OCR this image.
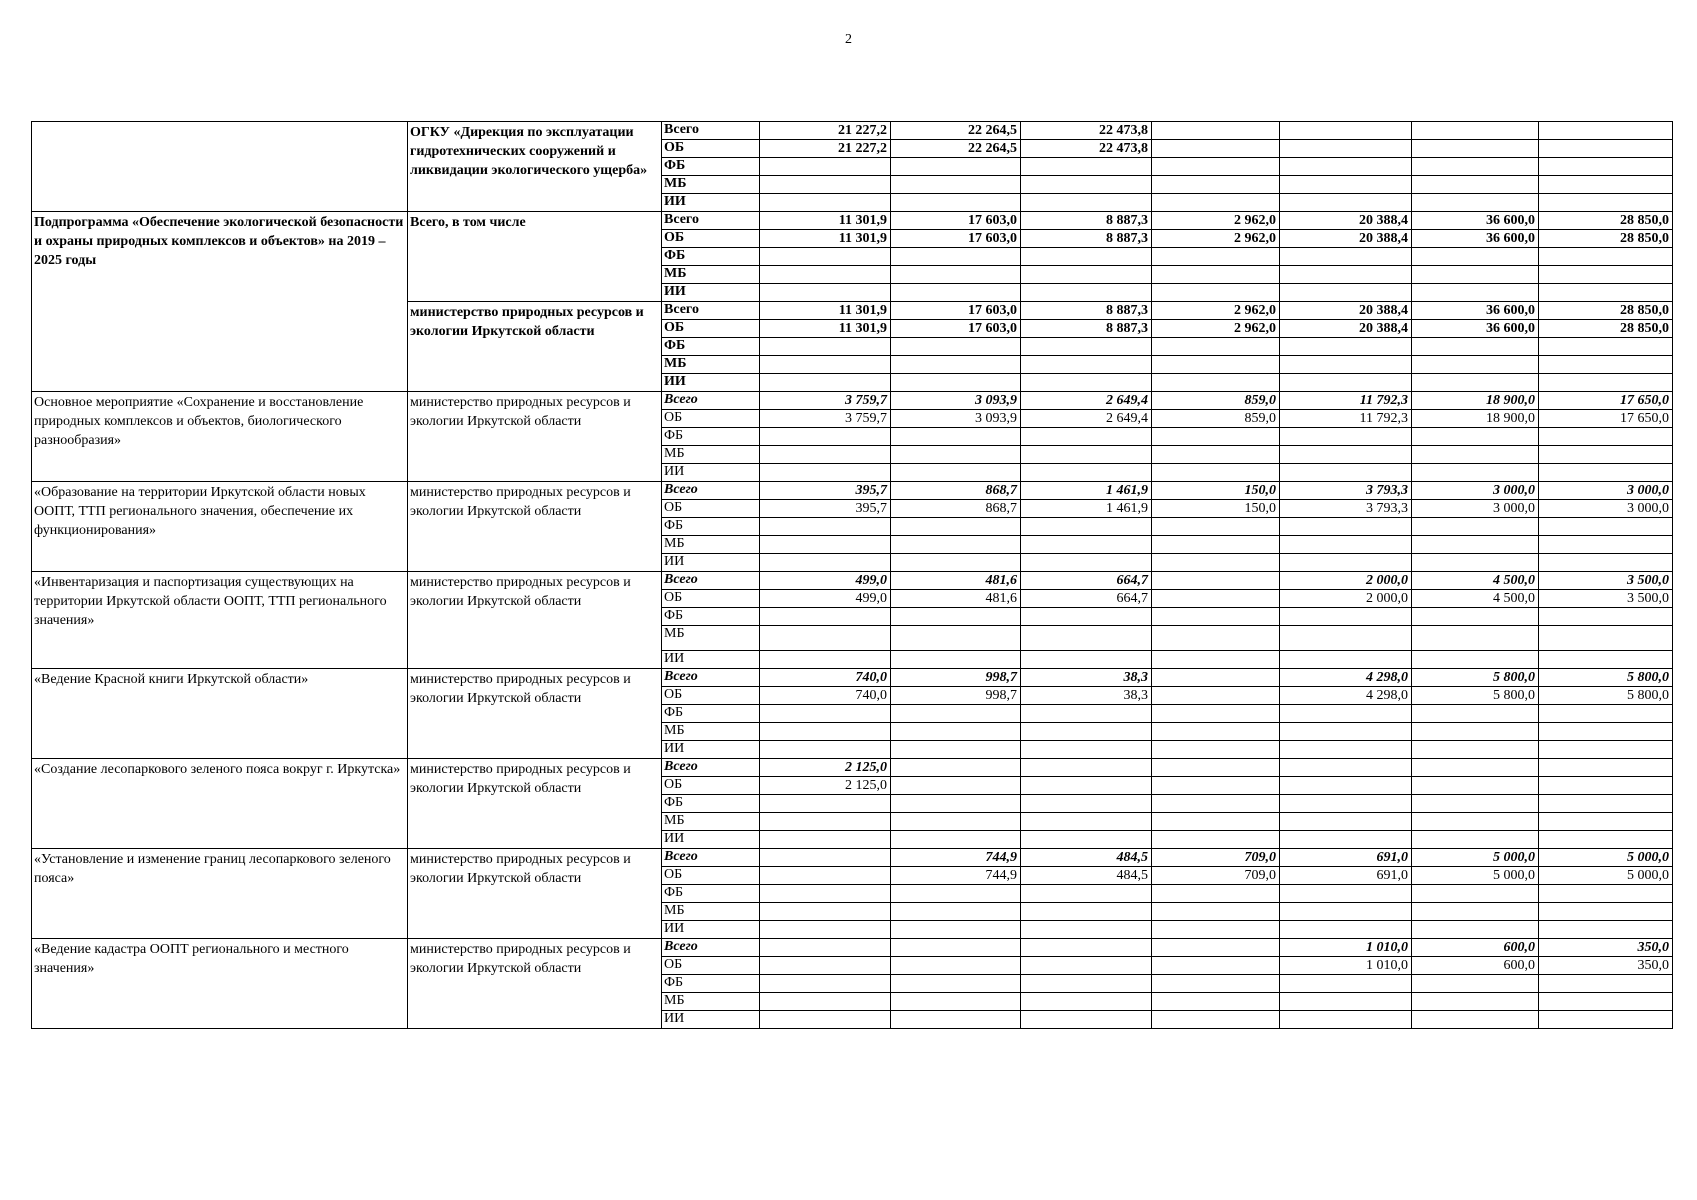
2
	ОГКУ «Дирекция по эксплуатации гидротехнических сооружений и ликвидации экологического ущерба»	Всего	21 227,2	22 264,5	22 473,8				
		ОБ	21 227,2	22 264,5	22 473,8				
		ФБ							
		МБ							
		ИИ							
Подпрограмма «Обеспечение экологической безопасности и охраны природных комплексов и объектов» на 2019 – 2025 годы	Всего, в том числе	Всего	11 301,9	17 603,0	8 887,3	2 962,0	20 388,4	36 600,0	28 850,0
		ОБ	11 301,9	17 603,0	8 887,3	2 962,0	20 388,4	36 600,0	28 850,0
		ФБ							
		МБ							
		ИИ							
	министерство природных ресурсов и экологии Иркутской области	Всего	11 301,9	17 603,0	8 887,3	2 962,0	20 388,4	36 600,0	28 850,0
		ОБ	11 301,9	17 603,0	8 887,3	2 962,0	20 388,4	36 600,0	28 850,0
		ФБ							
		МБ							
		ИИ							
Основное мероприятие «Сохранение и восстановление природных комплексов и объектов, биологического разнообразия»	министерство природных ресурсов и экологии Иркутской области	Всего	3 759,7	3 093,9	2 649,4	859,0	11 792,3	18 900,0	17 650,0
		ОБ	3 759,7	3 093,9	2 649,4	859,0	11 792,3	18 900,0	17 650,0
		ФБ							
		МБ							
		ИИ							
«Образование на территории Иркутской области новых ООПТ, ТТП регионального значения, обеспечение их функционирования»	министерство природных ресурсов и экологии Иркутской области	Всего	395,7	868,7	1 461,9	150,0	3 793,3	3 000,0	3 000,0
		ОБ	395,7	868,7	1 461,9	150,0	3 793,3	3 000,0	3 000,0
		ФБ							
		МБ							
		ИИ							
«Инвентаризация и паспортизация существующих на территории Иркутской области ООПТ, ТТП регионального значения»	министерство природных ресурсов и экологии Иркутской области	Всего	499,0	481,6	664,7		2 000,0	4 500,0	3 500,0
		ОБ	499,0	481,6	664,7		2 000,0	4 500,0	3 500,0
		ФБ							
		МБ							
		ИИ							
«Ведение Красной книги Иркутской области»	министерство природных ресурсов и экологии Иркутской области	Всего	740,0	998,7	38,3		4 298,0	5 800,0	5 800,0
		ОБ	740,0	998,7	38,3		4 298,0	5 800,0	5 800,0
		ФБ							
		МБ							
		ИИ							
«Создание лесопаркового зеленого пояса вокруг г. Иркутска»	министерство природных ресурсов и экологии Иркутской области	Всего	2 125,0						
		ОБ	2 125,0						
		ФБ							
		МБ							
		ИИ							
«Установление и изменение границ лесопаркового зеленого пояса»	министерство природных ресурсов и экологии Иркутской области	Всего		744,9	484,5	709,0	691,0	5 000,0	5 000,0
		ОБ		744,9	484,5	709,0	691,0	5 000,0	5 000,0
		ФБ							
		МБ							
		ИИ							
«Ведение кадастра ООПТ регионального и местного значения»	министерство природных ресурсов и экологии Иркутской области	Всего					1 010,0	600,0	350,0
		ОБ					1 010,0	600,0	350,0
		ФБ							
		МБ							
		ИИ							
